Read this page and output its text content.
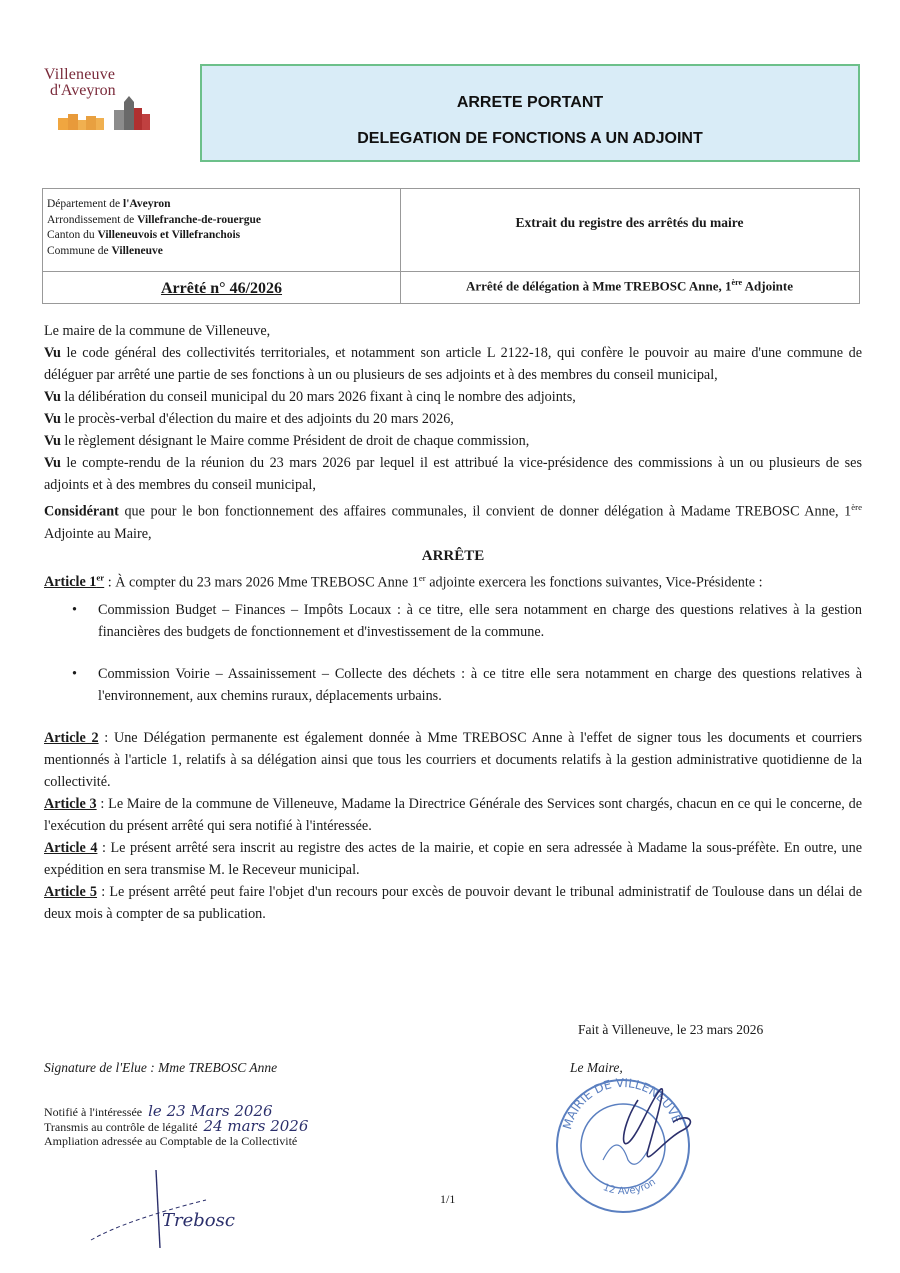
Villeneuve
d'Aveyron
ARRETE PORTANT
DELEGATION DE FONCTIONS A UN ADJOINT
Département de l'Aveyron
Arrondissement de Villefranche-de-rouergue
Canton du Villeneuvois et Villefranchois
Commune de Villeneuve
Extrait du registre des arrêtés du maire
Arrêté n° 46/2026	Arrêté de délégation à Mme TREBOSC Anne, 1ère Adjointe

Le maire de la commune de Villeneuve,

Vu le code général des collectivités territoriales, et notamment son article L 2122-18, qui confère le pouvoir au maire d'une commune de déléguer par arrêté une partie de ses fonctions à un ou plusieurs de ses adjoints et à des membres du conseil municipal,

Vu la délibération du conseil municipal du 20 mars 2026 fixant à cinq le nombre des adjoints,

Vu le procès-verbal d'élection du maire et des adjoints du 20 mars 2026,

Vu le règlement désignant le Maire comme Président de droit de chaque commission,

Vu le compte-rendu de la réunion du 23 mars 2026 par lequel il est attribué la vice-présidence des commissions à un ou plusieurs de ses adjoints et à des membres du conseil municipal,

Considérant que pour le bon fonctionnement des affaires communales, il convient de donner délégation à Madame TREBOSC Anne, 1ère Adjointe au Maire,

ARRÊTE

Article 1er : À compter du 23 mars 2026 Mme TREBOSC Anne 1er adjointe exercera les fonctions suivantes, Vice-Présidente :

• Commission Budget – Finances – Impôts Locaux : à ce titre, elle sera notamment en charge des questions relatives à la gestion financières des budgets de fonctionnement et d'investissement de la commune.
• Commission Voirie – Assainissement – Collecte des déchets : à ce titre elle sera notamment en charge des questions relatives à l'environnement, aux chemins ruraux, déplacements urbains.

Article 2 : Une Délégation permanente est également donnée à Mme TREBOSC Anne à l'effet de signer tous les documents et courriers mentionnés à l'article 1, relatifs à sa délégation ainsi que tous les courriers et documents relatifs à la gestion administrative quotidienne de la collectivité.

Article 3 : Le Maire de la commune de Villeneuve, Madame la Directrice Générale des Services sont chargés, chacun en ce qui le concerne, de l'exécution du présent arrêté qui sera notifié à l'intéressée.

Article 4 : Le présent arrêté sera inscrit au registre des actes de la mairie, et copie en sera adressée à Madame la sous-préfète. En outre, une expédition en sera transmise M. le Receveur municipal.

Article 5 : Le présent arrêté peut faire l'objet d'un recours pour excès de pouvoir devant le tribunal administratif de Toulouse dans un délai de deux mois à compter de sa publication.

Fait à Villeneuve, le 23 mars 2026
Signature de l'Elue : Mme TREBOSC Anne	Le Maire,
Notifié à l'intéressée le 23 Mars 2026
Transmis au contrôle de légalité 24 mars 2026
Ampliation adressée au Comptable de la Collectivité
1/1
MAIRIE DE VILLENEUVE
12 Aveyron
Trebosc
